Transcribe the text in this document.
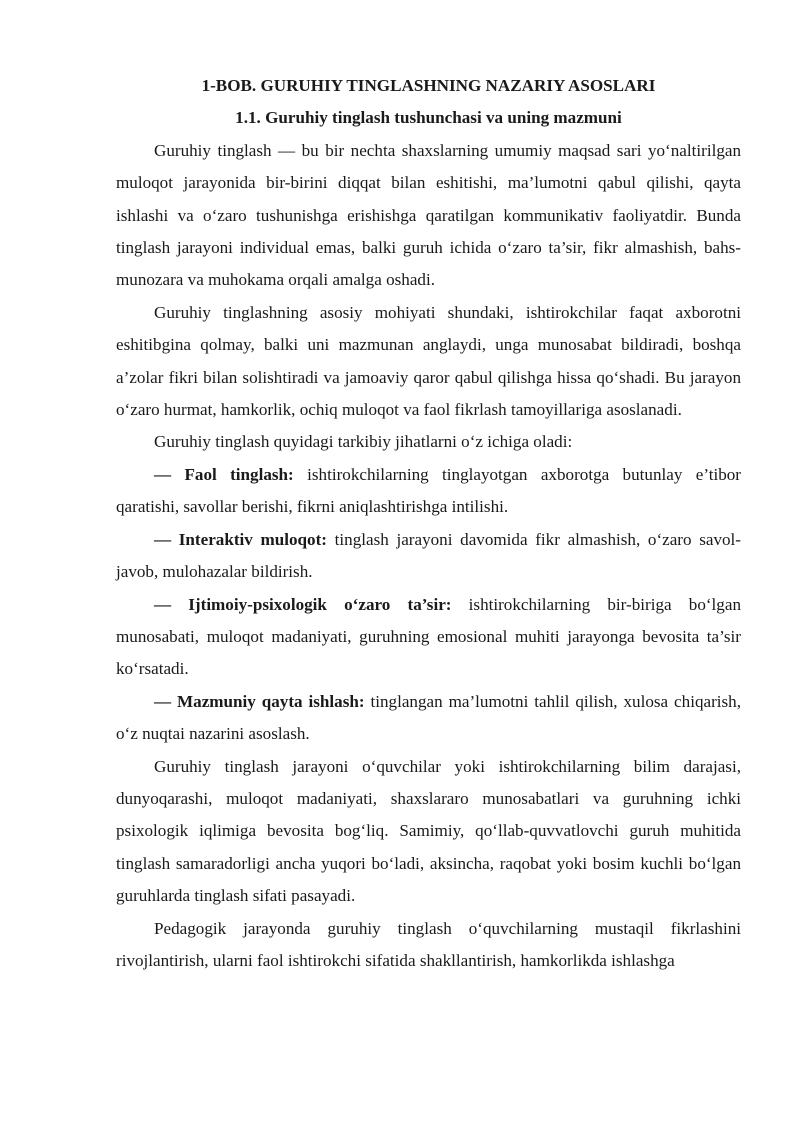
1-BOB. GURUHIY TINGLASHNING NAZARIY ASOSLARI

1.1. Guruhiy tinglash tushunchasi va uning mazmuni

Guruhiy tinglash — bu bir nechta shaxslarning umumiy maqsad sari yo‘naltirilgan muloqot jarayonida bir-birini diqqat bilan eshitishi, ma’lumotni qabul qilishi, qayta ishlashi va o‘zaro tushunishga erishishga qaratilgan kommunikativ faoliyatdir. Bunda tinglash jarayoni individual emas, balki guruh ichida o‘zaro ta’sir, fikr almashish, bahs-munozara va muhokama orqali amalga oshadi.

Guruhiy tinglashning asosiy mohiyati shundaki, ishtirokchilar faqat axborotni eshitibgina qolmay, balki uni mazmunan anglaydi, unga munosabat bildiradi, boshqa a’zolar fikri bilan solishtiradi va jamoaviy qaror qabul qilishga hissa qo‘shadi. Bu jarayon o‘zaro hurmat, hamkorlik, ochiq muloqot va faol fikrlash tamoyillariga asoslanadi.

Guruhiy tinglash quyidagi tarkibiy jihatlarni o‘z ichiga oladi:

— Faol tinglash: ishtirokchilarning tinglayotgan axborotga butunlay e’tibor qaratishi, savollar berishi, fikrni aniqlashtirishga intilishi.

— Interaktiv muloqot: tinglash jarayoni davomida fikr almashish, o‘zaro savol-javob, mulohazalar bildirish.

— Ijtimoiy-psixologik o‘zaro ta’sir: ishtirokchilarning bir-biriga bo‘lgan munosabati, muloqot madaniyati, guruhning emosional muhiti jarayonga bevosita ta’sir ko‘rsatadi.

— Mazmuniy qayta ishlash: tinglangan ma’lumotni tahlil qilish, xulosa chiqarish, o‘z nuqtai nazarini asoslash.

Guruhiy tinglash jarayoni o‘quvchilar yoki ishtirokchilarning bilim darajasi, dunyoqarashi, muloqot madaniyati, shaxslararo munosabatlari va guruhning ichki psixologik iqlimiga bevosita bog‘liq. Samimiy, qo‘llab-quvvatlovchi guruh muhitida tinglash samaradorligi ancha yuqori bo‘ladi, aksincha, raqobat yoki bosim kuchli bo‘lgan guruhlarda tinglash sifati pasayadi.

Pedagogik jarayonda guruhiy tinglash o‘quvchilarning mustaqil fikrlashini rivojlantirish, ularni faol ishtirokchi sifatida shakllantirish, hamkorlikda ishlashga
